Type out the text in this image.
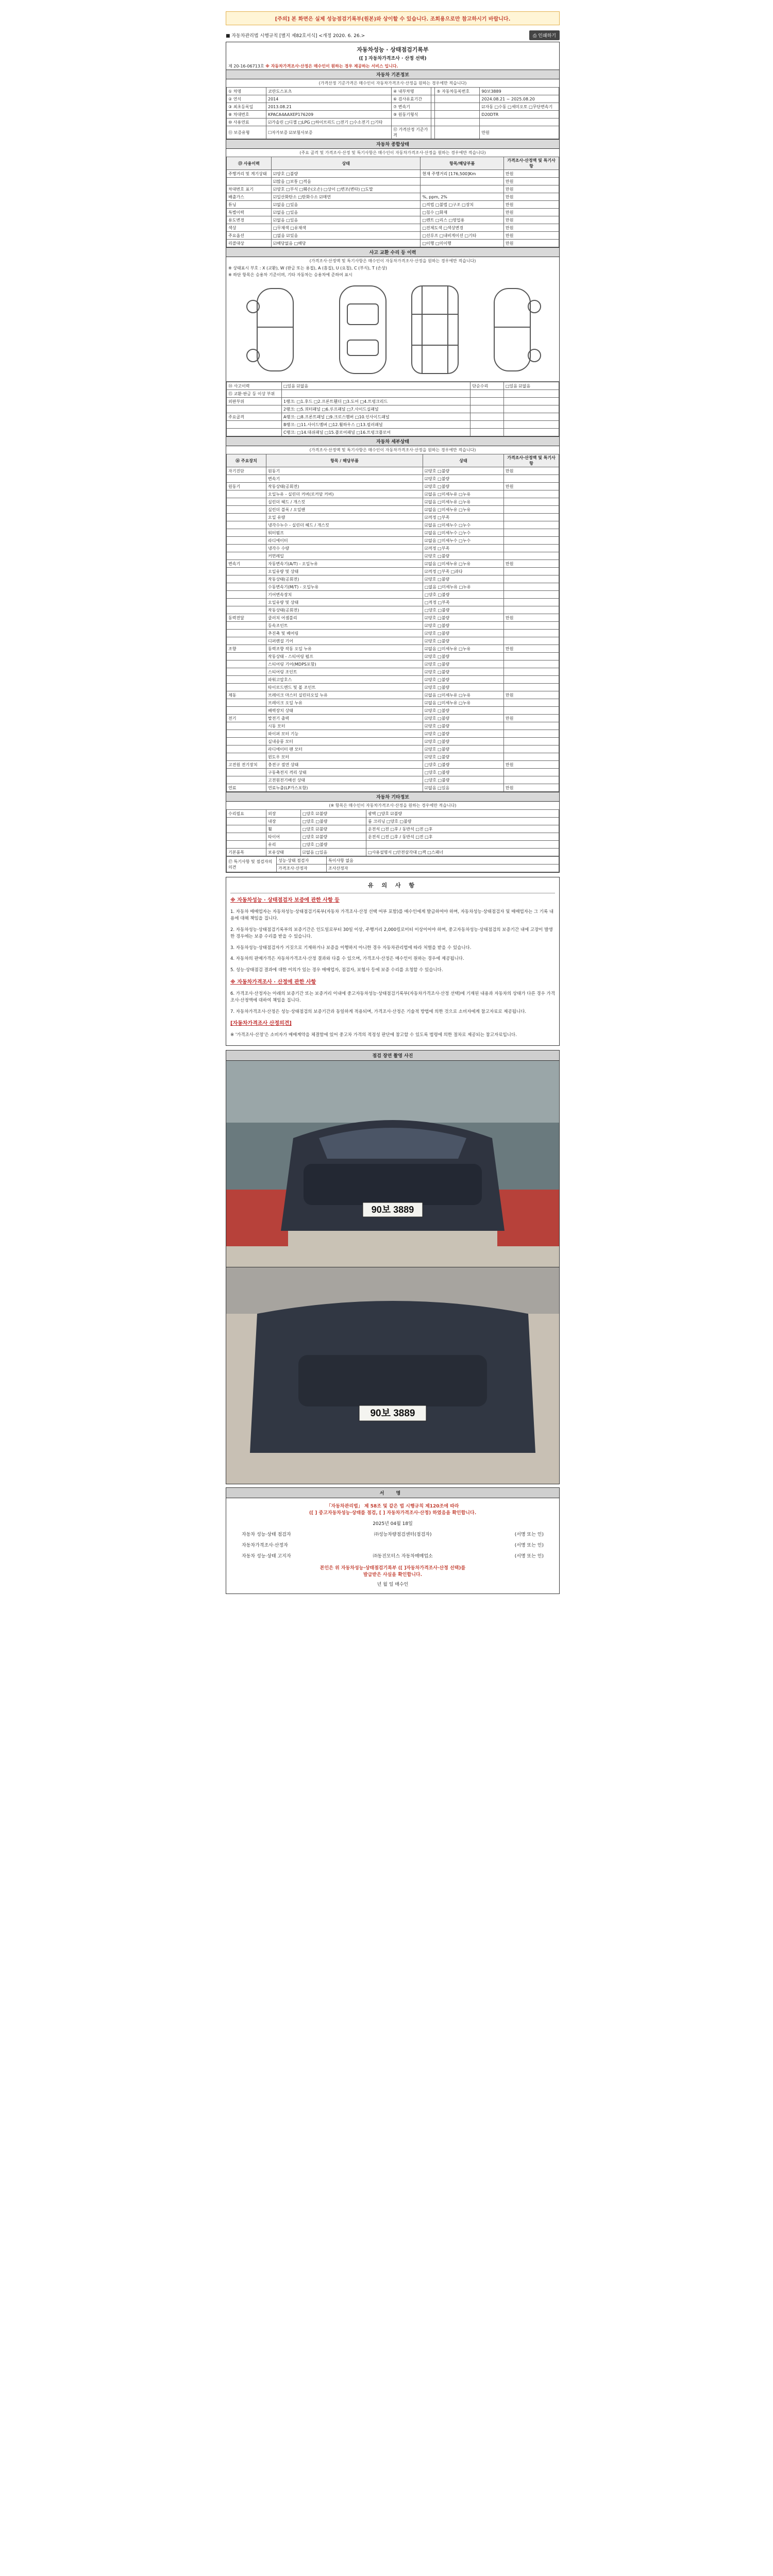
[주의] 본 화면은 실제 성능점검기록부(원본)와 상이할 수 있습니다. 조회용으로만 참고하시기 바랍니다.
■ 자동차관리법 시행규칙 [별지 제82호서식] <개정 2020. 6. 26.>	⎙ 인쇄하기
자동차성능 · 상태점검기록부
([ ] 자동차가격조사 · 산정 선택)
제 20-16-06713호 ※ 자동차가격조사·산정은 매수인이 원하는 경우 제공하는 서비스 입니다.
자동차 기본정보
(가격산정 기준가격은 매수인이 자동차가격조사·산정을 원하는 경우에만 적습니다)
① 차명	코란도스포츠	④ 내부차명		⑤ 자동차등록번호	90보3889
② 연식	2014	⑥ 검사유효기간			2024.08.21 ~ 2025.08.20
③ 최초등록일	2013.08.21	⑦ 변속기			☑자동 □수동 □세미오토 □무단변속기
⑧ 차대번호	KPACA4AAXEP176209	⑨ 원동기형식			D20DTR
⑩ 사용연료	☑가솔린 □디젤 □LPG □하이브리드 □전기 □수소전기 □기타				
⑪ 보증유형	☐자가보증 ☑보험사보증	⑫ 가격산정 기준가격			만원
자동차 종합상태
(주요 골격 및 가격조사·산정 및 특기사항은 매수인이 자동차가격조사·산정을 원하는 경우에만 적습니다)
⑬ 사용이력	상태	항목/해당부품	가격조사·산정액 및 특기사항
주행거리 및 계기상태	☑양호 □불량	현재 주행거리 [176,500]Km	만원
	☑많음 □보통 □적음		만원
차대번호 표기	☑양호 □부식 □훼손(오손) □상이 □변조(변타) □도말		만원
배출가스	☑일산화탄소 □탄화수소 ☑매연	%, ppm, 2%	만원
튜닝	☑없음 □있음	□적법 □불법 □구조 □장치	만원
특별이력	☑없음 □있음	□침수 □화재	만원
용도변경	☑없음 □있음	□렌트 □리스 □영업용	만원
색상	□무채색 □유채색	□전체도색 □색상변경	만원
주요옵션	□없음 ☑있음	□선루프 □내비게이션 □기타	만원
리콜대상	☑해당없음 □해당	□이행 □미이행	만원
사고 교환 수리 등 이력
(가격조사·산정액 및 특기사항은 매수인이 자동차가격조사·산정을 원하는 경우에만 적습니다)
※ 상태표시 부호 : X (교환), W (판금 또는 용접), A (흠집), U (요철), C (부식), T (손상)
※ 하단 항목은 승용차 기준이며, 기타 자동차는 승용차에 준하여 표시
⑭ 사고이력	□있음 ☑없음	단순수리	□있음 ☑없음
⑮ 교환·판금 등 이상 부위			
외판부위	1랭크: □1.후드 □2.프론트휀더 □3.도어 □4.트렁크리드		
	2랭크: □5.쿼터패널 □6.루프패널 □7.사이드실패널		
주요골격	A랭크: □8.프론트패널 □9.크로스멤버 □10.인사이드패널		
	B랭크: □11.사이드멤버 □12.휠하우스 □13.필러패널		
	C랭크: □14.대쉬패널 □15.플로어패널 □16.트렁크플로어		
자동차 세부상태
(가격조사·산정액 및 특기사항은 매수인이 자동차가격조사·산정을 원하는 경우에만 적습니다)
⑯ 주요장치	항목 / 해당부품	상태	가격조사·산정액 및 특기사항
자기진단	원동기	☑양호 □불량	만원
	변속기	☑양호 □불량	
원동기	작동상태(공회전)	☑양호 □불량	만원
	오일누유 - 실린더 커버(로커암 커버)	☑없음 □미세누유 □누유	
	실린더 헤드 / 개스킷	☑없음 □미세누유 □누유	
	실린더 블록 / 오일팬	☑없음 □미세누유 □누유	
	오일 유량	☑적정 □부족	
	냉각수누수 - 실린더 헤드 / 개스킷	☑없음 □미세누수 □누수	
	워터펌프	☑없음 □미세누수 □누수	
	라디에이터	☑없음 □미세누수 □누수	
	냉각수 수량	☑적정 □부족	
	커먼레일	☑양호 □불량	
변속기	자동변속기(A/T) - 오일누유	☑없음 □미세누유 □누유	만원
	오일유량 및 상태	☑적정 □부족 □과다	
	작동상태(공회전)	☑양호 □불량	
	수동변속기(M/T) - 오일누유	□없음 □미세누유 □누유	
	기어변속장치	□양호 □불량	
	오일유량 및 상태	□적정 □부족	
	작동상태(공회전)	□양호 □불량	
동력전달	클러치 어셈블리	☑양호 □불량	만원
	등속조인트	☑양호 □불량	
	추진축 및 베어링	☑양호 □불량	
	디퍼렌셜 기어	☑양호 □불량	
조향	동력조향 작동 오일 누유	☑없음 □미세누유 □누유	만원
	작동상태 - 스티어링 펌프	☑양호 □불량	
	스티어링 기어(MDPS포함)	☑양호 □불량	
	스티어링 조인트	☑양호 □불량	
	파워고압호스	☑양호 □불량	
	타이로드엔드 및 볼 조인트	☑양호 □불량	
제동	브레이크 마스터 실린더오일 누유	☑없음 □미세누유 □누유	만원
	브레이크 오일 누유	☑없음 □미세누유 □누유	
	배력장치 상태	☑양호 □불량	
전기	발전기 출력	☑양호 □불량	만원
	시동 모터	☑양호 □불량	
	와이퍼 모터 기능	☑양호 □불량	
	실내송풍 모터	☑양호 □불량	
	라디에이터 팬 모터	☑양호 □불량	
	윈도우 모터	☑양호 □불량	
고전원 전기장치	충전구 절연 상태	□양호 □불량	만원
	구동축전지 격리 상태	□양호 □불량	
	고전원전기배선 상태	□양호 □불량	
연료	연료누출(LP가스포함)	☑없음 □있음	만원
자동차 기타정보
(※ 항목은 매수인이 자동차가격조사·산정을 원하는 경우에만 적습니다)
수리필요	외장	□양호 ☑불량	광택 □양호 ☑불량
	내장	□양호 □불량	룸 크리닝 □양호 □불량
	휠	□양호 ☑불량	운전석 □전 □후 / 동반석 □전 □후
	타이어	□양호 ☑불량	운전석 □전 □후 / 동반석 □전 □후
	유리	□양호 □불량	
기본품목	보유상태	☑없음 □있음	□사용설명서 □안전삼각대 □잭 □스패너
⑰ 특기사항 및 점검자의 의견	성능·상태 점검자	특이사항 없음
	가격조사·산정자	조사산정자
유 의 사 항
※ 자동차성능 · 상태점검자 보증에 관한 사항 등

1. 자동차 매매업자는 자동차성능·상태점검기록부(자동차 가격조사·산정 선택 여부 포함)를 매수인에게 발급하여야 하며, 자동차성능·상태점검자 및 매매업자는 그 기록 내용에 대해 책임을 집니다.

2. 자동차성능·상태점검기록부의 보증기간은 인도일로부터 30일 이상, 주행거리 2,000킬로미터 이상이어야 하며, 중고자동차성능·상태점검의 보증기간 내에 고장이 발생한 경우에는 보증 수리를 받을 수 있습니다.

3. 자동차성능·상태점검자가 거짓으로 기재하거나 보증을 이행하지 아니한 경우 자동차관리법에 따라 처벌을 받을 수 있습니다.

4. 자동차의 판매가격은 자동차가격조사·산정 결과와 다를 수 있으며, 가격조사·산정은 매수인이 원하는 경우에 제공됩니다.

5. 성능·상태점검 결과에 대한 이의가 있는 경우 매매업자, 점검자, 보험사 등에 보증 수리를 요청할 수 있습니다.

※ 자동차가격조사 · 산정에 관한 사항

6. 가격조사·산정자는 아래의 보증기간 또는 보증거리 이내에 중고자동차성능·상태점검기록부(자동차가격조사·산정 선택)에 기재된 내용과 자동차의 상태가 다른 경우 가격조사·산정액에 대하여 책임을 집니다.

7. 자동차가격조사·산정은 성능·상태점검의 보증기간과 동일하게 적용되며, 가격조사·산정은 기술적 방법에 의한 것으로 소비자에게 참고자료로 제공됩니다.

[자동차가격조사 산정의견]

※ '가격조사·산정'은 소비자가 매매계약을 체결함에 있어 중고차 가격의 적정성 판단에 참고할 수 있도록 법령에 의한 절차로 제공되는 참고자료입니다.

점검 장면 촬영 사진
90보 3889
90보 3889
서 명
「자동차관리법」 제 58조 및 같은 법 시행규칙 제120조에 따라
([ ] 중고자동차성능·상태를 점검, [ ] 자동차가격조사·산정) 하였음을 확인합니다.
2025년 04월 18일
자동차 성능·상태 점검자	㈜성능차량점검센터(점검자)	(서명 또는 인)
자동차가격조사·산정자	(서명 또는 인)
자동차 성능·상태 고지자	㈜동진모터스 자동차매매업소	(서명 또는 인)
본인은 위 자동차성능·상태점검기록부 ([ ]자동차가격조사·산정 선택)를
발급받은 사실을 확인합니다.
년 월 일 매수인
